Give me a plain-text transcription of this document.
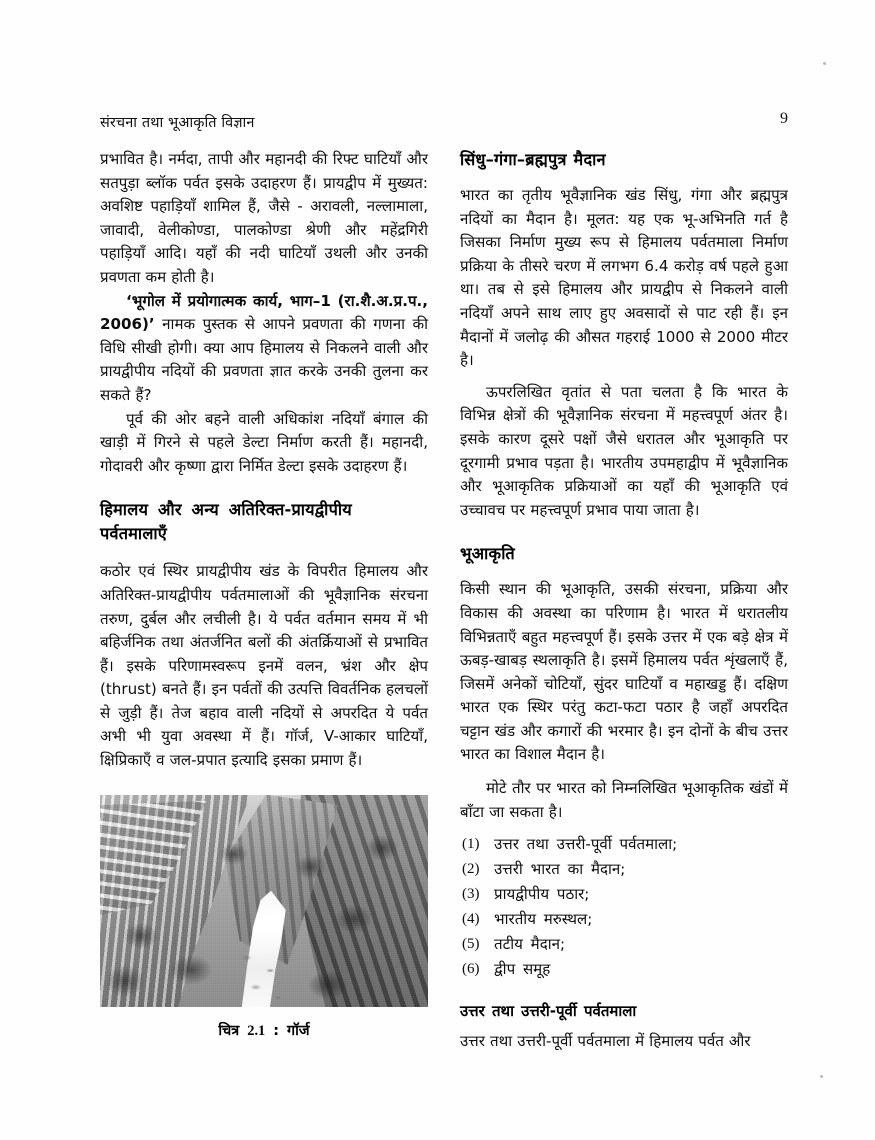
संरचना तथा भूआकृति विज्ञान	9

प्रभावित है। नर्मदा, तापी और महानदी की रिफ्ट घाटियाँ और सतपुड़ा ब्लॉक पर्वत इसके उदाहरण हैं। प्रायद्वीप में मुख्यत: अवशिष्ट पहाड़ियाँ शामिल हैं, जैसे - अरावली, नल्लामाला, जावादी, वेलीकोण्डा, पालकोण्डा श्रेणी और महेंद्रगिरी पहाड़ियाँ आदि। यहाँ की नदी घाटियाँ उथली और उनकी प्रवणता कम होती है।

‘भूगोल में प्रयोगात्मक कार्य, भाग–1 (रा.शै.अ.प्र.प., 2006)’ नामक पुस्तक से आपने प्रवणता की गणना की विधि सीखी होगी। क्या आप हिमालय से निकलने वाली और प्रायद्वीपीय नदियों की प्रवणता ज्ञात करके उनकी तुलना कर सकते हैं?

पूर्व की ओर बहने वाली अधिकांश नदियाँ बंगाल की खाड़ी में गिरने से पहले डेल्टा निर्माण करती हैं। महानदी, गोदावरी और कृष्णा द्वारा निर्मित डेल्टा इसके उदाहरण हैं।

हिमालय और अन्य अतिरिक्त-प्रायद्वीपीय पर्वतमालाएँ

कठोर एवं स्थिर प्रायद्वीपीय खंड के विपरीत हिमालय और अतिरिक्त-प्रायद्वीपीय पर्वतमालाओं की भूवैज्ञानिक संरचना तरुण, दुर्बल और लचीली है। ये पर्वत वर्तमान समय में भी बहिर्जनिक तथा अंतर्जनित बलों की अंतर्क्रियाओं से प्रभावित हैं। इसके परिणामस्वरूप इनमें वलन, भ्रंश और क्षेप (thrust) बनते हैं। इन पर्वतों की उत्पत्ति विवर्तनिक हलचलों से जुड़ी हैं। तेज बहाव वाली नदियों से अपरदित ये पर्वत अभी भी युवा अवस्था में हैं। गॉर्ज, V-आकार घाटियाँ, क्षिप्रिकाएँ व जल-प्रपात इत्यादि इसका प्रमाण हैं।

चित्र 2.1 : गॉर्ज
सिंधु–गंगा–ब्रह्मपुत्र मैदान

भारत का तृतीय भूवैज्ञानिक खंड सिंधु, गंगा और ब्रह्मपुत्र नदियों का मैदान है। मूलत: यह एक भू-अभिनति गर्त है जिसका निर्माण मुख्य रूप से हिमालय पर्वतमाला निर्माण प्रक्रिया के तीसरे चरण में लगभग 6.4 करोड़ वर्ष पहले हुआ था। तब से इसे हिमालय और प्रायद्वीप से निकलने वाली नदियाँ अपने साथ लाए हुए अवसादों से पाट रही हैं। इन मैदानों में जलोढ़ की औसत गहराई 1000 से 2000 मीटर है।

ऊपरलिखित वृतांत से पता चलता है कि भारत के विभिन्न क्षेत्रों की भूवैज्ञानिक संरचना में महत्त्वपूर्ण अंतर है। इसके कारण दूसरे पक्षों जैसे धरातल और भूआकृति पर दूरगामी प्रभाव पड़ता है। भारतीय उपमहाद्वीप में भूवैज्ञानिक और भूआकृतिक प्रक्रियाओं का यहाँ की भूआकृति एवं उच्चावच पर महत्त्वपूर्ण प्रभाव पाया जाता है।

भूआकृति

किसी स्थान की भूआकृति, उसकी संरचना, प्रक्रिया और विकास की अवस्था का परिणाम है। भारत में धरातलीय विभिन्नताएँ बहुत महत्त्वपूर्ण हैं। इसके उत्तर में एक बड़े क्षेत्र में ऊबड़-खाबड़ स्थलाकृति है। इसमें हिमालय पर्वत शृंखलाएँ हैं, जिसमें अनेकों चोटियाँ, सुंदर घाटियाँ व महाखड्ड हैं। दक्षिण भारत एक स्थिर परंतु कटा-फटा पठार है जहाँ अपरदित चट्टान खंड और कगारों की भरमार है। इन दोनों के बीच उत्तर भारत का विशाल मैदान है।

मोटे तौर पर भारत को निम्नलिखित भूआकृतिक खंडों में बाँटा जा सकता है।

(1) उत्तर तथा उत्तरी-पूर्वी पर्वतमाला;
(2) उत्तरी भारत का मैदान;
(3) प्रायद्वीपीय पठार;
(4) भारतीय मरुस्थल;
(5) तटीय मैदान;
(6) द्वीप समूह
उत्तर तथा उत्तरी-पूर्वी पर्वतमाला

उत्तर तथा उत्तरी-पूर्वी पर्वतमाला में हिमालय पर्वत और
